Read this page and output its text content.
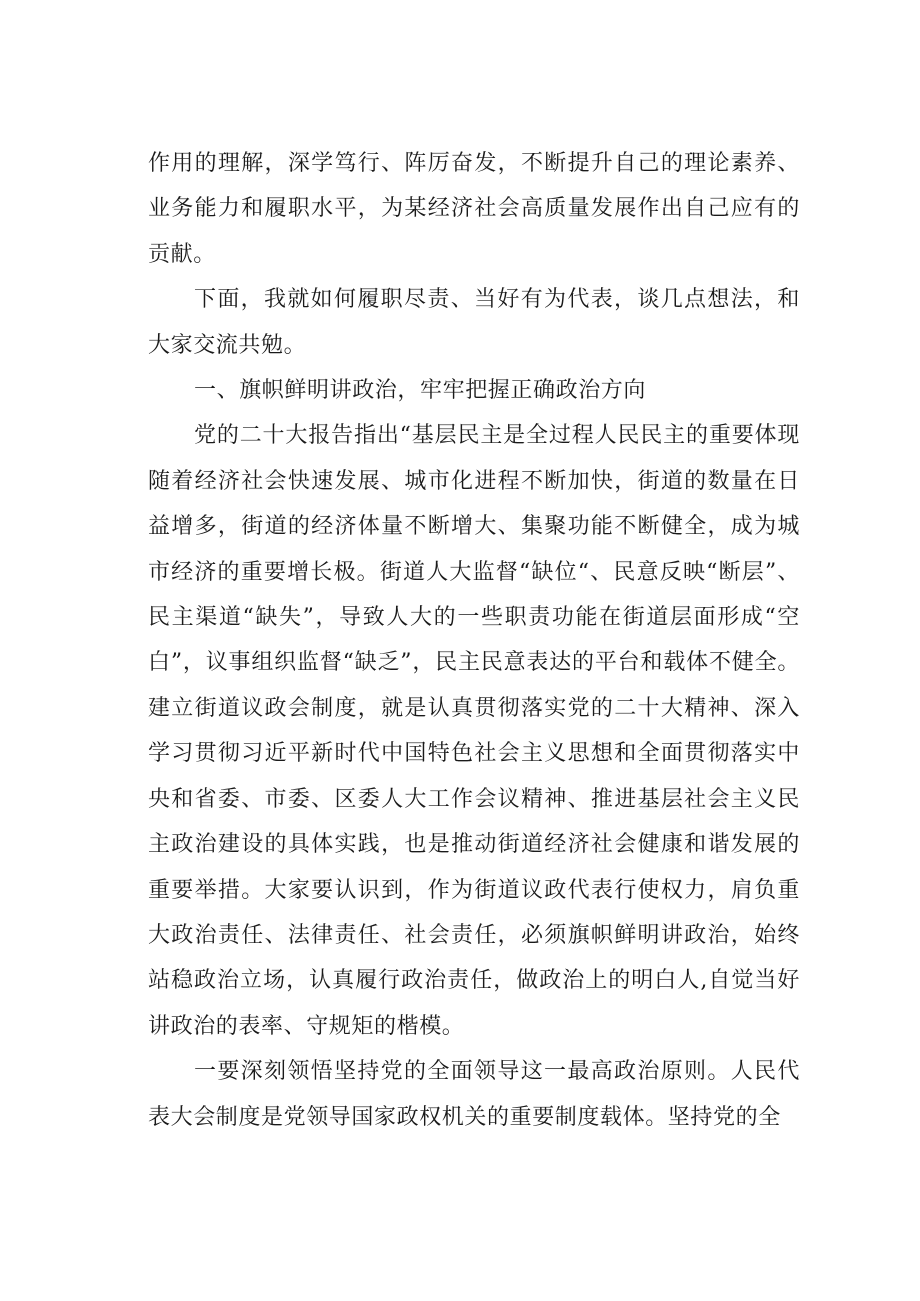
作用的理解，深学笃行、阵厉奋发，不断提升自己的理论素养、业务能力和履职水平，为某经济社会高质量发展作出自己应有的贡献。

下面，我就如何履职尽责、当好有为代表，谈几点想法，和大家交流共勉。

一、旗帜鲜明讲政治，牢牢把握正确政治方向

党的二十大报告指出“基层民主是全过程人民民主的重要体现随着经济社会快速发展、城市化进程不断加快，街道的数量在日益增多，街道的经济体量不断增大、集聚功能不断健全，成为城市经济的重要增长极。街道人大监督“缺位“、民意反映“断层”、民主渠道“缺失”，导致人大的一些职责功能在街道层面形成“空白”，议事组织监督“缺乏”，民主民意表达的平台和载体不健全。建立街道议政会制度，就是认真贯彻落实党的二十大精神、深入学习贯彻习近平新时代中国特色社会主义思想和全面贯彻落实中央和省委、市委、区委人大工作会议精神、推进基层社会主义民主政治建设的具体实践，也是推动街道经济社会健康和谐发展的重要举措。大家要认识到，作为街道议政代表行使权力，肩负重大政治责任、法律责任、社会责任，必须旗帜鲜明讲政治，始终站稳政治立场，认真履行政治责任，做政治上的明白人,自觉当好讲政治的表率、守规矩的楷模。

一要深刻领悟坚持党的全面领导这一最高政治原则。人民代表大会制度是党领导国家政权机关的重要制度载体。坚持党的全
